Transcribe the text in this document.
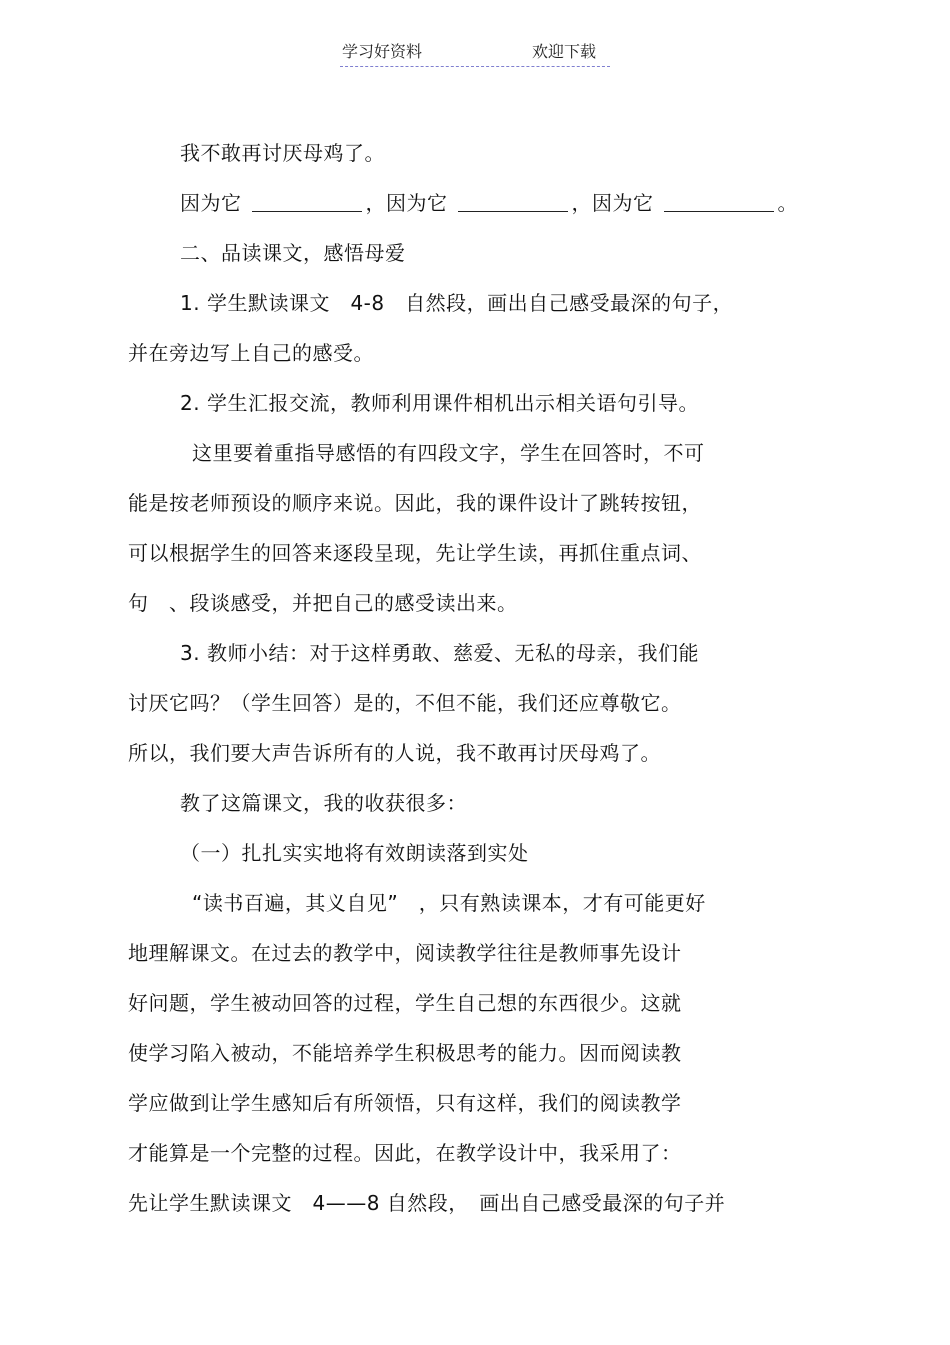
学习好资料	欢迎下载
我不敢再讨厌母鸡了。
因为它	，因为它	，因为它	。
二、品读课文，感悟母爱
1. 学生默读课文　4-8　自然段，画出自己感受最深的句子，
并在旁边写上自己的感受。
2. 学生汇报交流，教师利用课件相机出示相关语句引导。
这里要着重指导感悟的有四段文字，学生在回答时，不可
能是按老师预设的顺序来说。因此，我的课件设计了跳转按钮，
可以根据学生的回答来逐段呈现，先让学生读，再抓住重点词、
句　、段谈感受，并把自己的感受读出来。
3. 教师小结：对于这样勇敢、慈爱、无私的母亲，我们能
讨厌它吗？（学生回答）是的，不但不能，我们还应尊敬它。
所以，我们要大声告诉所有的人说，我不敢再讨厌母鸡了。
教了这篇课文，我的收获很多：
（一）扎扎实实地将有效朗读落到实处
“读书百遍，其义自见”　，只有熟读课本，才有可能更好
地理解课文。在过去的教学中，阅读教学往往是教师事先设计
好问题，学生被动回答的过程，学生自己想的东西很少。这就
使学习陷入被动，不能培养学生积极思考的能力。因而阅读教
学应做到让学生感知后有所领悟，只有这样，我们的阅读教学
才能算是一个完整的过程。因此，在教学设计中，我采用了：
先让学生默读课文　4——8 自然段，　画出自己感受最深的句子并
